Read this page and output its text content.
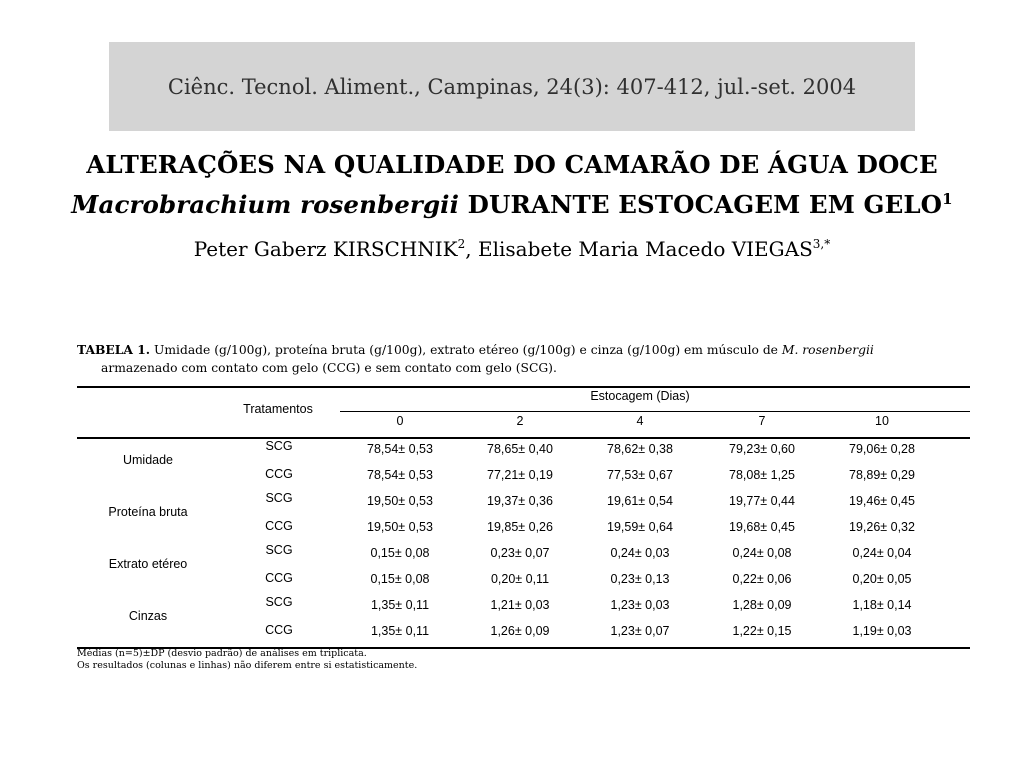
Ciênc. Tecnol. Aliment., Campinas, 24(3): 407-412, jul.-set. 2004
ALTERAÇÕES NA QUALIDADE DO CAMARÃO DE ÁGUA DOCE
Macrobrachium rosenbergii DURANTE ESTOCAGEM EM GELO$^1$
Peter Gaberz KIRSCHNIK$^2$, Elisabete Maria Macedo $VIEGAS^{3,*}$
TABELA 1. Umidade (g/100g), proteína bruta (g/100g), extrato etéreo (g/100g) e cinza (g/100g) em músculo de M. rosenbergii
armazenado com contato com gelo (CCG) e sem contato com gelo (SCG).
Tratamentos
Estocagem (Dias)
0	2	4	7	10
Umidade
SCG	78,54± 0,53	78,65± 0,40	78,62± 0,38	79,23± 0,60	79,06± 0,28
CCG	78,54± 0,53	77,21± 0,19	77,53± 0,67	78,08± 1,25	78,89± 0,29
Proteína bruta
SCG	19,50± 0,53	19,37± 0,36	19,61± 0,54	19,77± 0,44	19,46± 0,45
CCG	19,50± 0,53	19,85± 0,26	19,59± 0,64	19,68± 0,45	19,26± 0,32
Extrato etéreo
SCG	0,15± 0,08	0,23± 0,07	0,24± 0,03	0,24± 0,08	0,24± 0,04
CCG	0,15± 0,08	0,20± 0,11	0,23± 0,13	0,22± 0,06	0,20± 0,05
Cinzas
SCG	1,35± 0,11	1,21± 0,03	1,23± 0,03	1,28± 0,09	1,18± 0,14
CCG	1,35± 0,11	1,26± 0,09	1,23± 0,07	1,22± 0,15	1,19± 0,03
Médias (n=5)±DP (desvio padrão) de análises em triplicata.
Os resultados (colunas e linhas) não diferem entre si estatisticamente.
